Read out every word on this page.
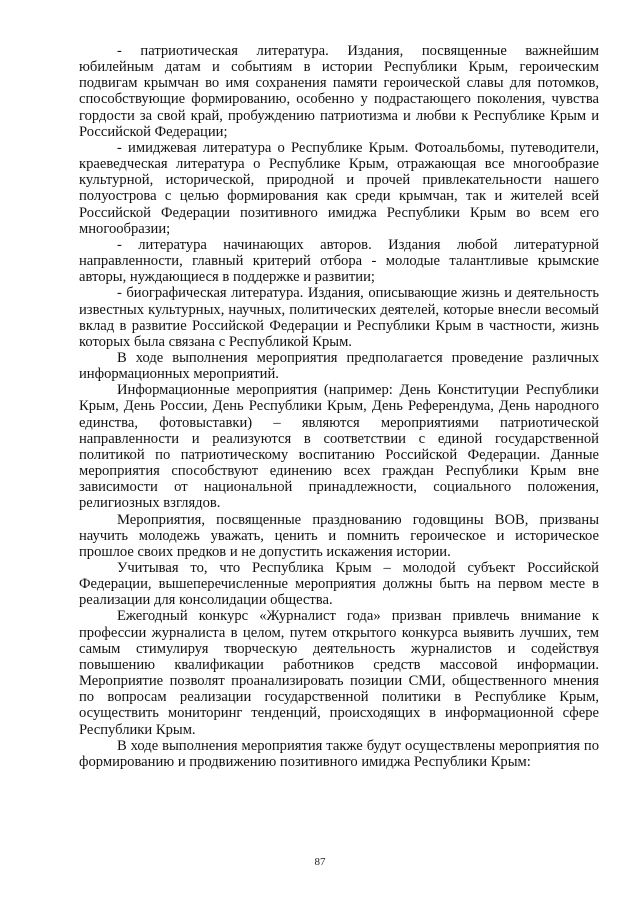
- патриотическая литература. Издания, посвященные важнейшим юбилейным датам и событиям в истории Республики Крым, героическим подвигам крымчан во имя сохранения памяти героической славы для потомков, способствующие формированию, особенно у подрастающего поколения, чувства гордости за свой край, пробуждению патриотизма и любви к Республике Крым и Российской Федерации;

- имиджевая литература о Республике Крым. Фотоальбомы, путеводители, краеведческая литература о Республике Крым, отражающая все многообразие культурной, исторической, природной и прочей привлекательности нашего полуострова с целью формирования как среди крымчан, так и жителей всей Российской Федерации позитивного имиджа Республики Крым во всем его многообразии;

- литература начинающих авторов. Издания любой литературной направленности, главный критерий отбора - молодые талантливые крымские авторы, нуждающиеся в поддержке и развитии;

- биографическая литература. Издания, описывающие жизнь и деятельность известных культурных, научных, политических деятелей, которые внесли весомый вклад в развитие Российской Федерации и Республики Крым в частности, жизнь которых была связана с Республикой Крым.

В ходе выполнения мероприятия предполагается проведение различных информационных мероприятий.

Информационные мероприятия (например: День Конституции Республики Крым, День России, День Республики Крым, День Референдума, День народного единства, фотовыставки) – являются мероприятиями патриотической направленности и реализуются в соответствии с единой государственной политикой по патриотическому воспитанию Российской Федерации. Данные мероприятия способствуют единению всех граждан Республики Крым вне зависимости от национальной принадлежности, социального положения, религиозных взглядов.

Мероприятия, посвященные празднованию годовщины ВОВ, призваны научить молодежь уважать, ценить и помнить героическое и историческое прошлое своих предков и не допустить искажения истории.

Учитывая то, что Республика Крым – молодой субъект Российской Федерации, вышеперечисленные мероприятия должны быть на первом месте в реализации для консолидации общества.

Ежегодный конкурс «Журналист года» призван привлечь внимание к профессии журналиста в целом, путем открытого конкурса выявить лучших, тем самым стимулируя творческую деятельность журналистов и содействуя повышению квалификации работников средств массовой информации. Мероприятие позволят проанализировать позиции СМИ, общественного мнения по вопросам реализации государственной политики в Республике Крым, осуществить мониторинг тенденций, происходящих в информационной сфере Республики Крым.

В ходе выполнения мероприятия также будут осуществлены мероприятия по формированию и продвижению позитивного имиджа Республики Крым:

87
